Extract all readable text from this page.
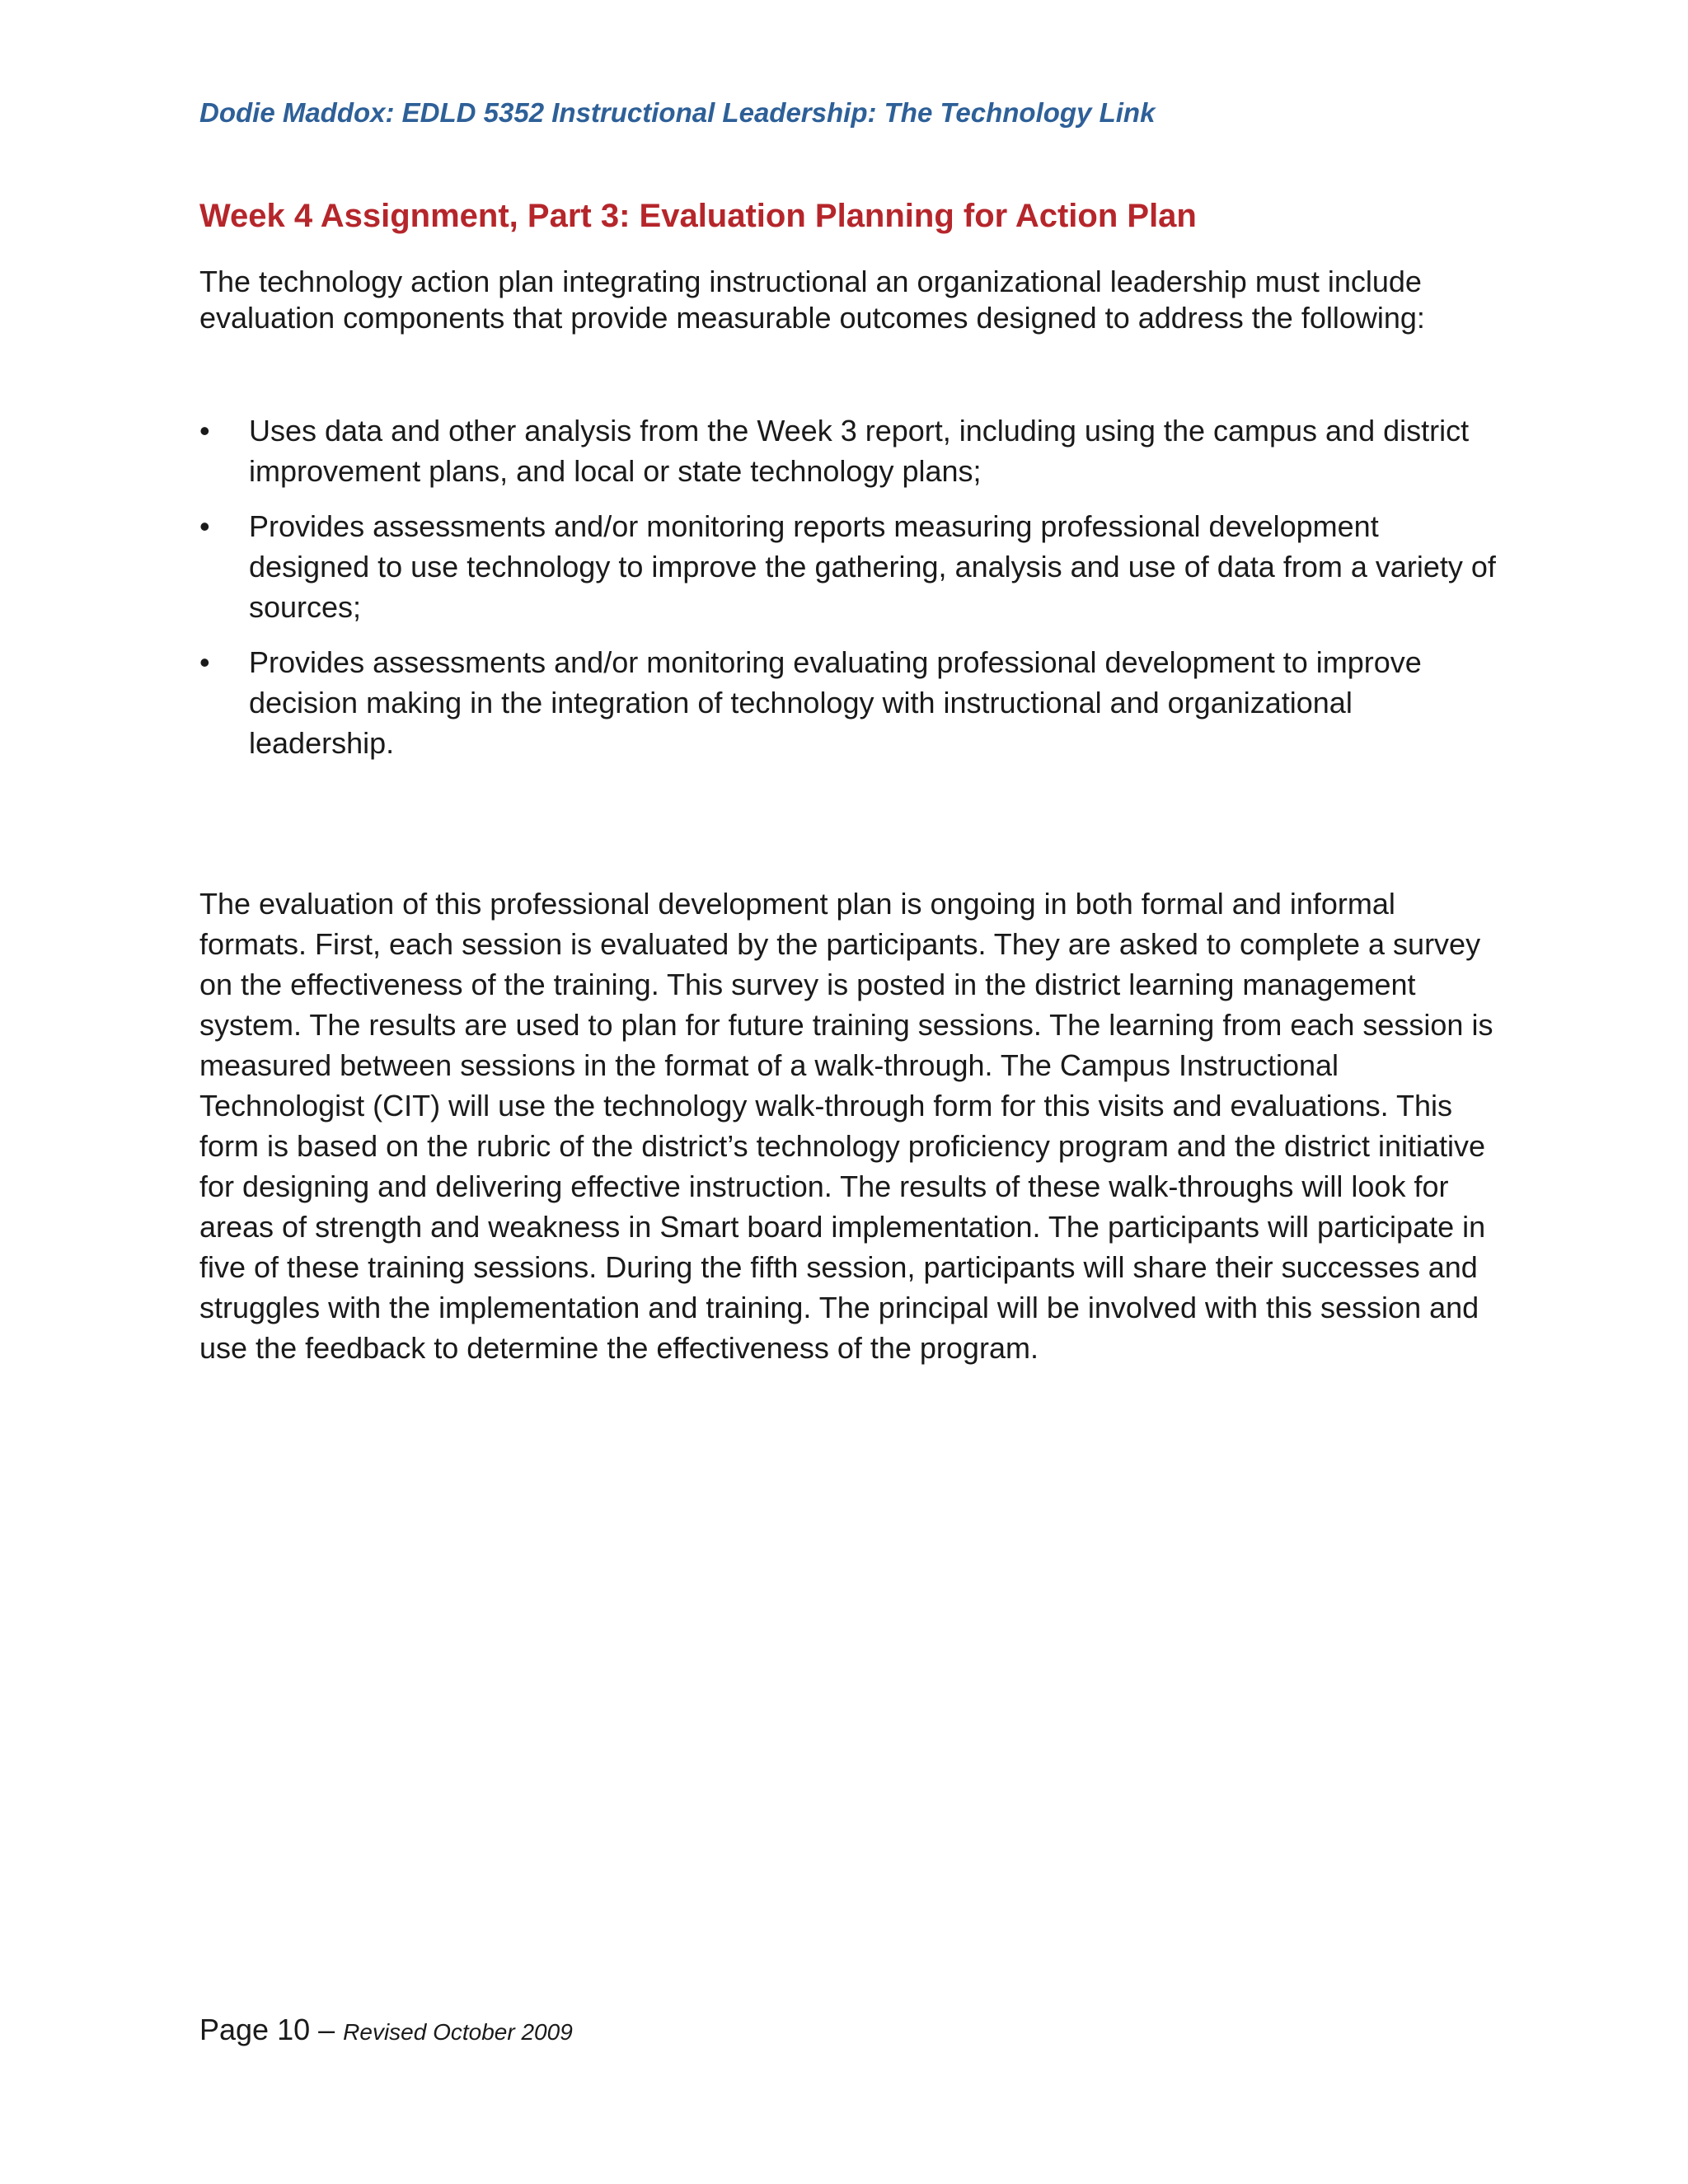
Dodie Maddox: EDLD 5352 Instructional Leadership: The Technology Link
Week 4 Assignment, Part 3: Evaluation Planning for Action Plan

The technology action plan integrating instructional an organizational leadership must include evaluation components that provide measurable outcomes designed to address the following:

• Uses data and other analysis from the Week 3 report, including using the campus and district improvement plans, and local or state technology plans;
• Provides assessments and/or monitoring reports measuring professional development designed to use technology to improve the gathering, analysis and use of data from a variety of sources;
• Provides assessments and/or monitoring evaluating professional development to improve decision making in the integration of technology with instructional and organizational leadership.

The evaluation of this professional development plan is ongoing in both formal and informal formats. First, each session is evaluated by the participants. They are asked to complete a survey on the effectiveness of the training. This survey is posted in the district learning management system. The results are used to plan for future training sessions. The learning from each session is measured between sessions in the format of a walk-through. The Campus Instructional Technologist (CIT) will use the technology walk-through form for this visits and evaluations. This form is based on the rubric of the district’s technology proficiency program and the district initiative for designing and delivering effective instruction. The results of these walk-throughs will look for areas of strength and weakness in Smart board implementation. The participants will participate in five of these training sessions. During the fifth session, participants will share their successes and struggles with the implementation and training. The principal will be involved with this session and use the feedback to determine the effectiveness of the program.

Page 10 – Revised October 2009
